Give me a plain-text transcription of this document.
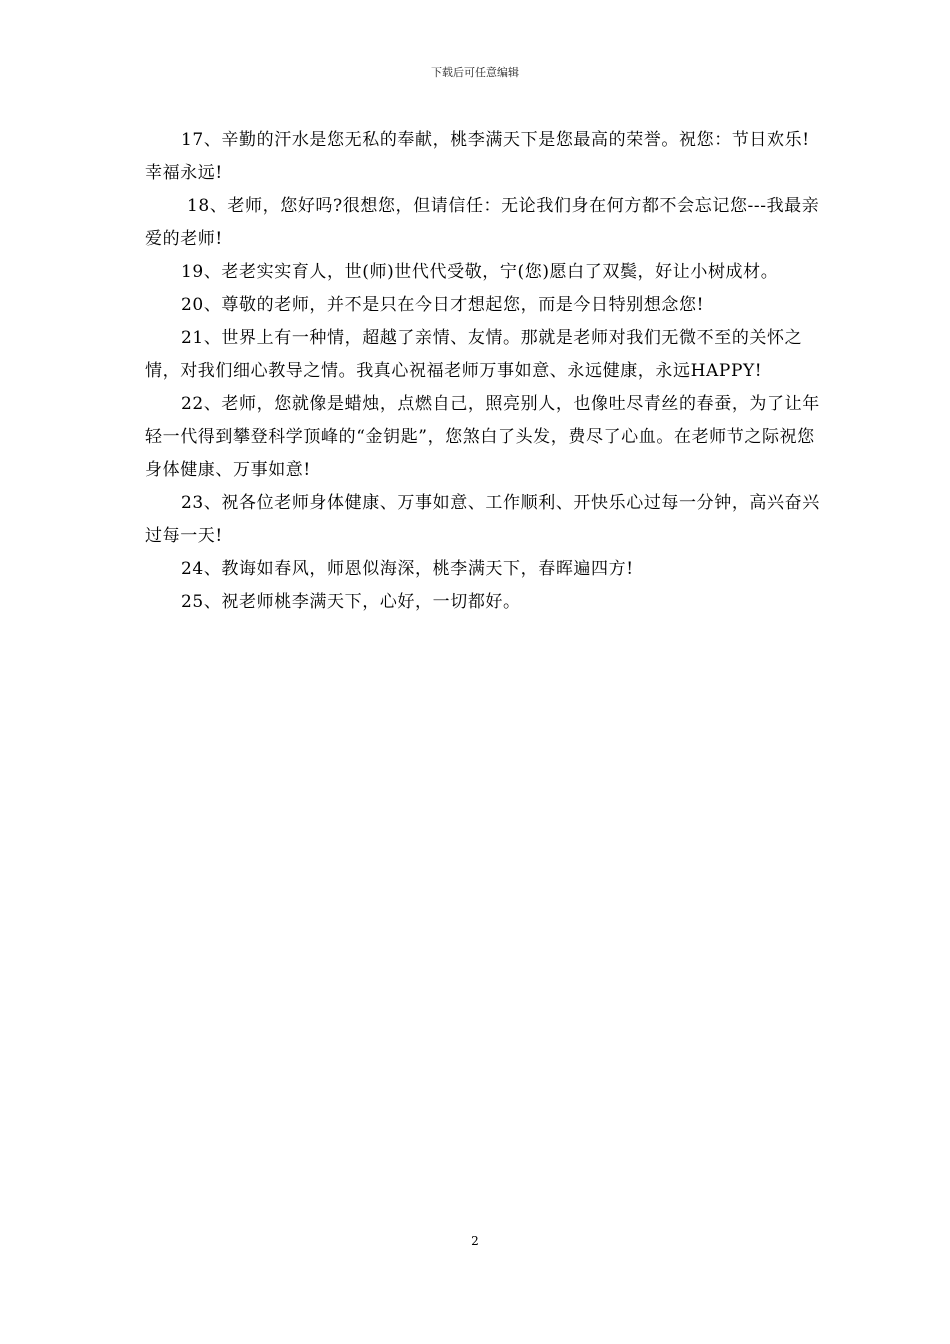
下载后可任意编辑

17、辛勤的汗水是您无私的奉献，桃李满天下是您最高的荣誉。祝您：节日欢乐!幸福永远!

18、老师，您好吗?很想您，但请信任：无论我们身在何方都不会忘记您---我最亲爱的老师!

19、老老实实育人，世(师)世代代受敬，宁(您)愿白了双鬓，好让小树成材。

20、尊敬的老师，并不是只在今日才想起您，而是今日特别想念您!

21、世界上有一种情，超越了亲情、友情。那就是老师对我们无微不至的关怀之情，对我们细心教导之情。我真心祝福老师万事如意、永远健康，永远HAPPY!

22、老师，您就像是蜡烛，点燃自己，照亮别人，也像吐尽青丝的春蚕，为了让年轻一代得到攀登科学顶峰的“金钥匙”，您煞白了头发，费尽了心血。在老师节之际祝您身体健康、万事如意!

23、祝各位老师身体健康、万事如意、工作顺利、开快乐心过每一分钟，高兴奋兴过每一天!

24、教诲如春风，师恩似海深，桃李满天下，春晖遍四方!

25、祝老师桃李满天下，心好，一切都好。

2
